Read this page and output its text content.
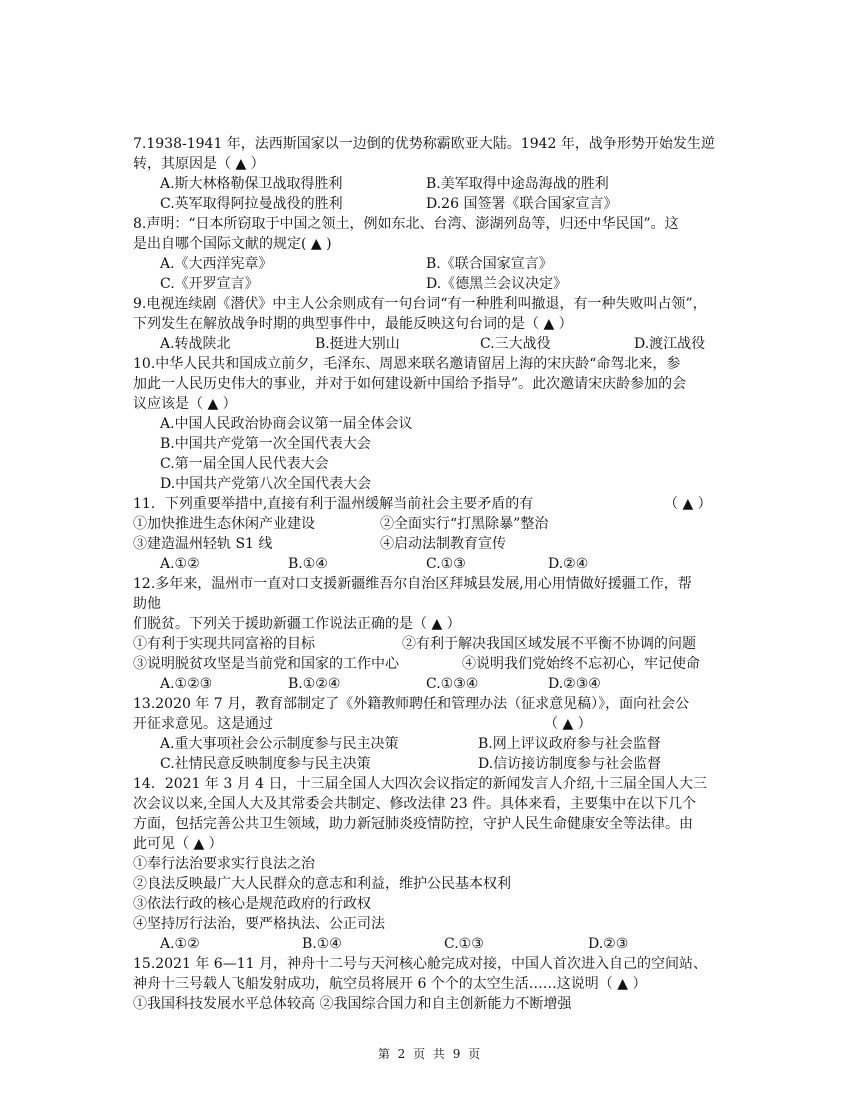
7.1938-1941 年，法西斯国家以一边倒的优势称霸欧亚大陆。1942 年，战争形势开始发生逆
转，其原因是（ ▲ ）
A.斯大林格勒保卫战取得胜利	B.美军取得中途岛海战的胜利
C.英军取得阿拉曼战役的胜利	D.26 国签署《联合国家宣言》
8.声明：“日本所窃取于中国之领土，例如东北、台湾、澎湖列岛等，归还中华民国”。这
是出自哪个国际文献的规定( ▲ )
A.《大西洋宪章》	B.《联合国家宣言》
C.《开罗宣言》	D.《德黑兰会议决定》
9.电视连续剧《潜伏》中主人公余则成有一句台词“有一种胜利叫撤退，有一种失败叫占领”，
下列发生在解放战争时期的典型事件中，最能反映这句台词的是（ ▲ ）
A.转战陕北	B.挺进大别山	C.三大战役	D.渡江战役
10.中华人民共和国成立前夕，毛泽东、周恩来联名邀请留居上海的宋庆龄“命驾北来，参
加此一人民历史伟大的事业，并对于如何建设新中国给予指导”。此次邀请宋庆龄参加的会
议应该是（ ▲ ）
A.中国人民政治协商会议第一届全体会议
B.中国共产党第一次全国代表大会
C.第一届全国人民代表大会
D.中国共产党第八次全国代表大会
11．下列重要举措中,直接有利于温州缓解当前社会主要矛盾的有	（ ▲ ）
①加快推进生态休闲产业建设	②全面实行“打黑除暴”整治
③建造温州轻轨 S1 线	④启动法制教育宣传
A.①②	B.①④	C.①③	D.②④
12.多年来，温州市一直对口支援新疆维吾尔自治区拜城县发展,用心用情做好援疆工作，帮
助他
们脱贫。下列关于援助新疆工作说法正确的是（ ▲ ）
①有利于实现共同富裕的目标	②有利于解决我国区域发展不平衡不协调的问题
③说明脱贫攻坚是当前党和国家的工作中心	④说明我们党始终不忘初心，牢记使命
A.①②③	B.①②④	C.①③④	D.②③④
13.2020 年 7 月，教育部制定了《外籍教师聘任和管理办法（征求意见稿）》，面向社会公
开征求意见。这是通过	（ ▲ ）
A.重大事项社会公示制度参与民主决策	B.网上评议政府参与社会监督
C.社情民意反映制度参与民主决策	D.信访接访制度参与社会监督
14．2021 年 3 月 4 日，十三届全国人大四次会议指定的新闻发言人介绍,十三届全国人大三
次会议以来,全国人大及其常委会共制定、修改法律 23 件。具体来看，主要集中在以下几个
方面，包括完善公共卫生领域，助力新冠肺炎疫情防控，守护人民生命健康安全等法律。由
此可见（ ▲ ）
①奉行法治要求实行良法之治
②良法反映最广大人民群众的意志和利益，维护公民基本权利
③依法行政的核心是规范政府的行政权
④坚持厉行法治，要严格执法、公正司法
A.①②	B.①④	C.①③	D.②③
15.2021 年 6—11 月，神舟十二号与天河核心舱完成对接，中国人首次进入自己的空间站、
神舟十三号载人飞船发射成功，航空员将展开 6 个个的太空生活……这说明（ ▲ ）
①我国科技发展水平总体较高 ②我国综合国力和自主创新能力不断增强
第 2 页 共 9 页
